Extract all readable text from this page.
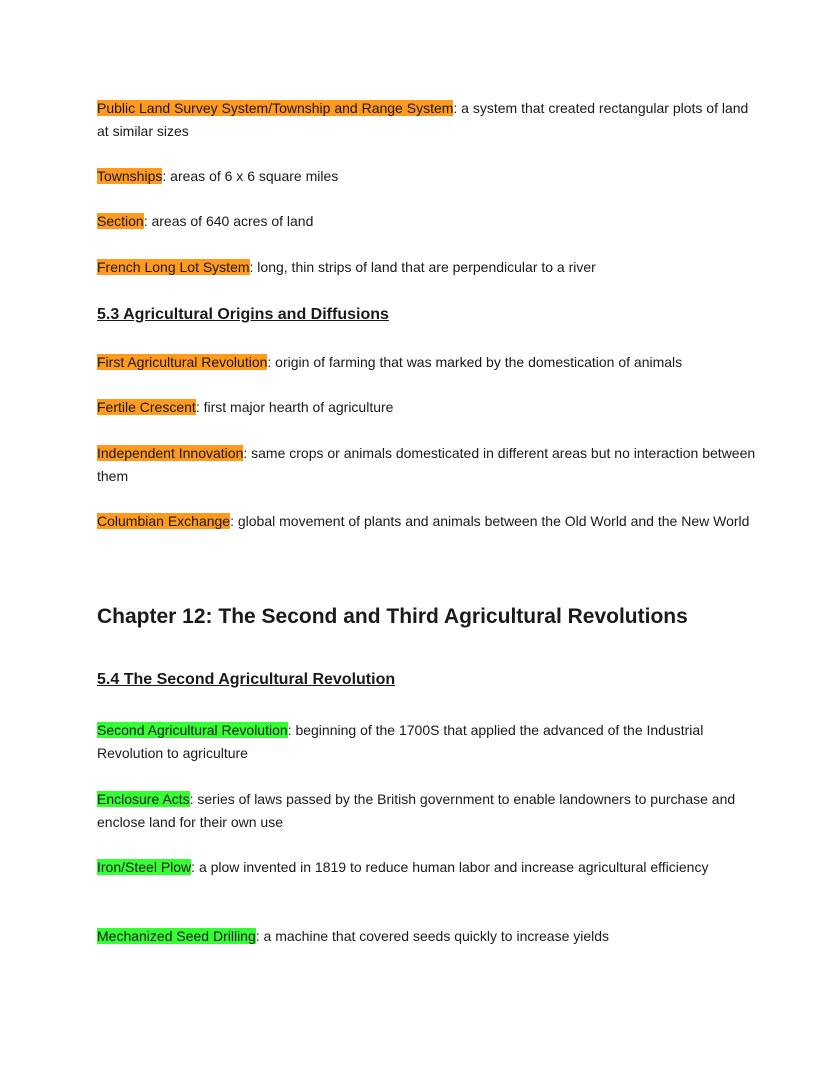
Public Land Survey System/Township and Range System: a system that created rectangular plots of land at similar sizes

Townships: areas of 6 x 6 square miles

Section: areas of 640 acres of land

French Long Lot System: long, thin strips of land that are perpendicular to a river

5.3 Agricultural Origins and Diffusions

First Agricultural Revolution: origin of farming that was marked by the domestication of animals

Fertile Crescent: first major hearth of agriculture

Independent Innovation: same crops or animals domesticated in different areas but no interaction between them

Columbian Exchange: global movement of plants and animals between the Old World and the New World

Chapter 12: The Second and Third Agricultural Revolutions
5.4 The Second Agricultural Revolution

Second Agricultural Revolution: beginning of the 1700S that applied the advanced of the Industrial Revolution to agriculture

Enclosure Acts: series of laws passed by the British government to enable landowners to purchase and enclose land for their own use

Iron/Steel Plow: a plow invented in 1819 to reduce human labor and increase agricultural efficiency

Mechanized Seed Drilling: a machine that covered seeds quickly to increase yields
